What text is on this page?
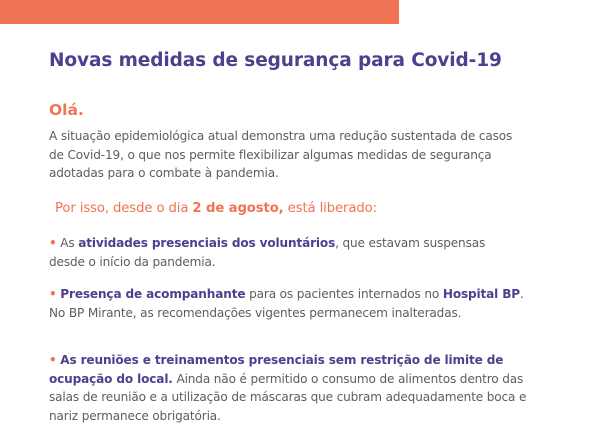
Novas medidas de segurança para Covid-19
Olá.

A situação epidemiológica atual demonstra uma redução sustentada de casos de Covid-19, o que nos permite flexibilizar algumas medidas de segurança adotadas para o combate à pandemia.

Por isso, desde o dia 2 de agosto, está liberado:

• As atividades presenciais dos voluntários, que estavam suspensas desde o início da pandemia.

• Presença de acompanhante para os pacientes internados no Hospital BP. No BP Mirante, as recomendações vigentes permanecem inalteradas.

• As reuniões e treinamentos presenciais sem restrição de limite de ocupação do local. Ainda não é permitido o consumo de alimentos dentro das salas de reunião e a utilização de máscaras que cubram adequadamente boca e nariz permanece obrigatória.
